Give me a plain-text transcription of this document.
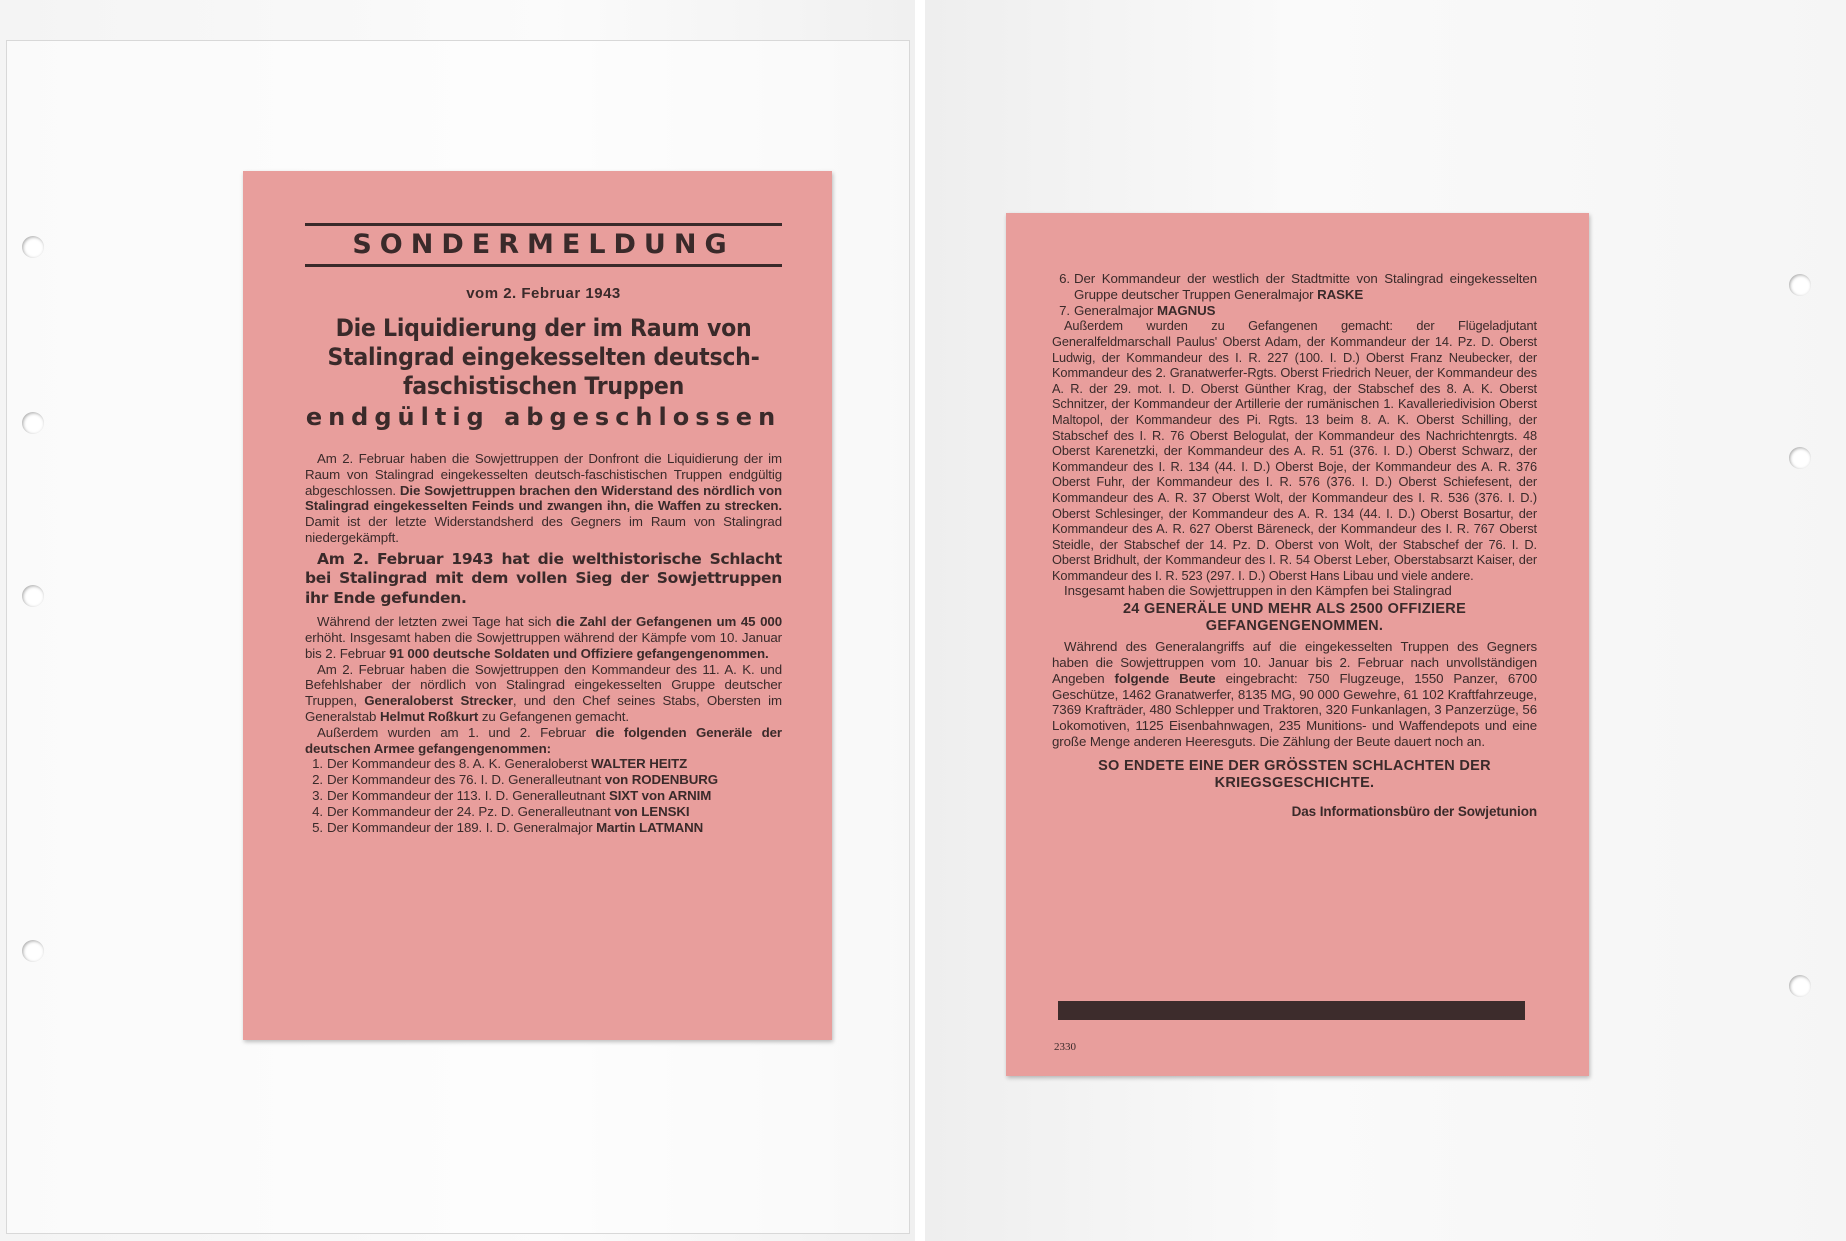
SONDERMELDUNG
vom 2. Februar 1943
Die Liquidierung der im Raum von
Stalingrad eingekesselten deutsch-
faschistischen Truppen
endgültig abgeschlossen

Am 2. Februar haben die Sowjettruppen der Donfront die Liquidierung der im Raum von Stalingrad eingekesselten deutsch-faschistischen Truppen endgültig abgeschlossen. Die Sowjettruppen brachen den Widerstand des nördlich von Stalingrad eingekesselten Feinds und zwangen ihn, die Waffen zu strecken. Damit ist der letzte Widerstandsherd des Gegners im Raum von Stalingrad niedergekämpft.

Am 2. Februar 1943 hat die welthistorische Schlacht bei Stalingrad mit dem vollen Sieg der Sowjettruppen ihr Ende gefunden.

Während der letzten zwei Tage hat sich die Zahl der Gefangenen um 45 000 erhöht. Insgesamt haben die Sowjettruppen während der Kämpfe vom 10. Januar bis 2. Februar 91 000 deutsche Soldaten und Offiziere gefangengenommen.

Am 2. Februar haben die Sowjettruppen den Kommandeur des 11. A. K. und Befehlshaber der nördlich von Stalingrad eingekesselten Gruppe deutscher Truppen, Generaloberst Strecker, und den Chef seines Stabs, Obersten im Generalstab Helmut Roßkurt zu Gefangenen gemacht.

Außerdem wurden am 1. und 2. Februar die folgenden Generäle der deutschen Armee gefangengenommen:

1. Der Kommandeur des 8. A. K. Generaloberst WALTER HEITZ
2. Der Kommandeur des 76. I. D. Generalleutnant von RODENBURG
3. Der Kommandeur der 113. I. D. Generalleutnant SIXT von ARNIM
4. Der Kommandeur der 24. Pz. D. Generalleutnant von LENSKI
5. Der Kommandeur der 189. I. D. Generalmajor Martin LATMANN
6. Der Kommandeur der westlich der Stadtmitte von Stalingrad eingekesselten Gruppe deutscher Truppen Generalmajor RASKE
7. Generalmajor MAGNUS

Außerdem wurden zu Gefangenen gemacht: der Flügeladjutant Generalfeldmarschall Paulus' Oberst Adam, der Kommandeur der 14. Pz. D. Oberst Ludwig, der Kommandeur des I. R. 227 (100. I. D.) Oberst Franz Neubecker, der Kommandeur des 2. Granatwerfer-Rgts. Oberst Friedrich Neuer, der Kommandeur des A. R. der 29. mot. I. D. Oberst Günther Krag, der Stabschef des 8. A. K. Oberst Schnitzer, der Kommandeur der Artillerie der rumänischen 1. Kavalleriedivision Oberst Maltopol, der Kommandeur des Pi. Rgts. 13 beim 8. A. K. Oberst Schilling, der Stabschef des I. R. 76 Oberst Belogulat, der Kommandeur des Nachrichtenrgts. 48 Oberst Karenetzki, der Kommandeur des A. R. 51 (376. I. D.) Oberst Schwarz, der Kommandeur des I. R. 134 (44. I. D.) Oberst Boje, der Kommandeur des A. R. 376 Oberst Fuhr, der Kommandeur des I. R. 576 (376. I. D.) Oberst Schiefesent, der Kommandeur des A. R. 37 Oberst Wolt, der Kommandeur des I. R. 536 (376. I. D.) Oberst Schlesinger, der Kommandeur des A. R. 134 (44. I. D.) Oberst Bosartur, der Kommandeur des A. R. 627 Oberst Bäreneck, der Kommandeur des I. R. 767 Oberst Steidle, der Stabschef der 14. Pz. D. Oberst von Wolt, der Stabschef der 76. I. D. Oberst Bridhult, der Kommandeur des I. R. 54 Oberst Leber, Oberstabsarzt Kaiser, der Kommandeur des I. R. 523 (297. I. D.) Oberst Hans Libau und viele andere.

Insgesamt haben die Sowjettruppen in den Kämpfen bei Stalingrad

24 GENERÄLE UND MEHR ALS 2500 OFFIZIERE GEFANGENGENOMMEN.

Während des Generalangriffs auf die eingekesselten Truppen des Gegners haben die Sowjettruppen vom 10. Januar bis 2. Februar nach unvollständigen Angeben folgende Beute eingebracht: 750 Flugzeuge, 1550 Panzer, 6700 Geschütze, 1462 Granatwerfer, 8135 MG, 90 000 Gewehre, 61 102 Kraftfahrzeuge, 7369 Krafträder, 480 Schlepper und Traktoren, 320 Funkanlagen, 3 Panzerzüge, 56 Lokomotiven, 1125 Eisenbahnwagen, 235 Munitions- und Waffendepots und eine große Menge anderen Heeresguts. Die Zählung der Beute dauert noch an.

SO ENDETE EINE DER GRÖSSTEN SCHLACHTEN DER KRIEGSGESCHICHTE.
Das Informationsbüro der Sowjetunion
2330
